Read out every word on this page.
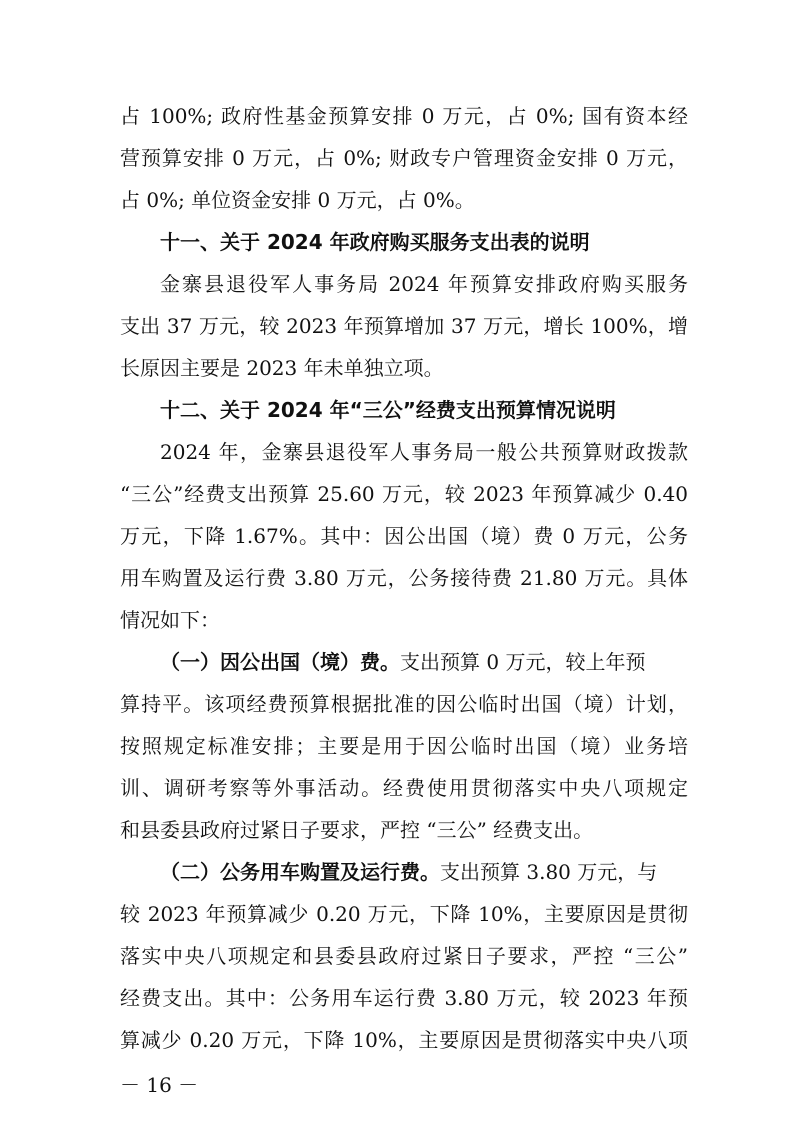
占 100%; 政府性基金预算安排 0 万元，占 0%; 国有资本经
营预算安排 0 万元，占 0%; 财政专户管理资金安排 0 万元，
占 0%; 单位资金安排 0 万元，占 0%。
十一、关于 2024 年政府购买服务支出表的说明
金寨县退役军人事务局 2024 年预算安排政府购买服务
支出 37 万元，较 2023 年预算增加 37 万元，增长 100%，增
长原因主要是 2023 年未单独立项。
十二、关于 2024 年“三公”经费支出预算情况说明
2024 年，金寨县退役军人事务局一般公共预算财政拨款
“三公”经费支出预算 25.60 万元，较 2023 年预算减少 0.40
万元，下降 1.67%。其中：因公出国（境）费 0 万元，公务
用车购置及运行费 3.80 万元，公务接待费 21.80 万元。具体
情况如下：
（一）因公出国（境）费。支出预算 0 万元，较上年预
算持平。该项经费预算根据批准的因公临时出国（境）计划，
按照规定标准安排；主要是用于因公临时出国（境）业务培
训、调研考察等外事活动。经费使用贯彻落实中央八项规定
和县委县政府过紧日子要求，严控 “三公” 经费支出。
（二）公务用车购置及运行费。支出预算 3.80 万元，与
较 2023 年预算减少 0.20 万元，下降 10%，主要原因是贯彻
落实中央八项规定和县委县政府过紧日子要求，严控 “三公”
经费支出。其中：公务用车运行费 3.80 万元，较 2023 年预
算减少 0.20 万元，下降 10%，主要原因是贯彻落实中央八项
－ 16 －
